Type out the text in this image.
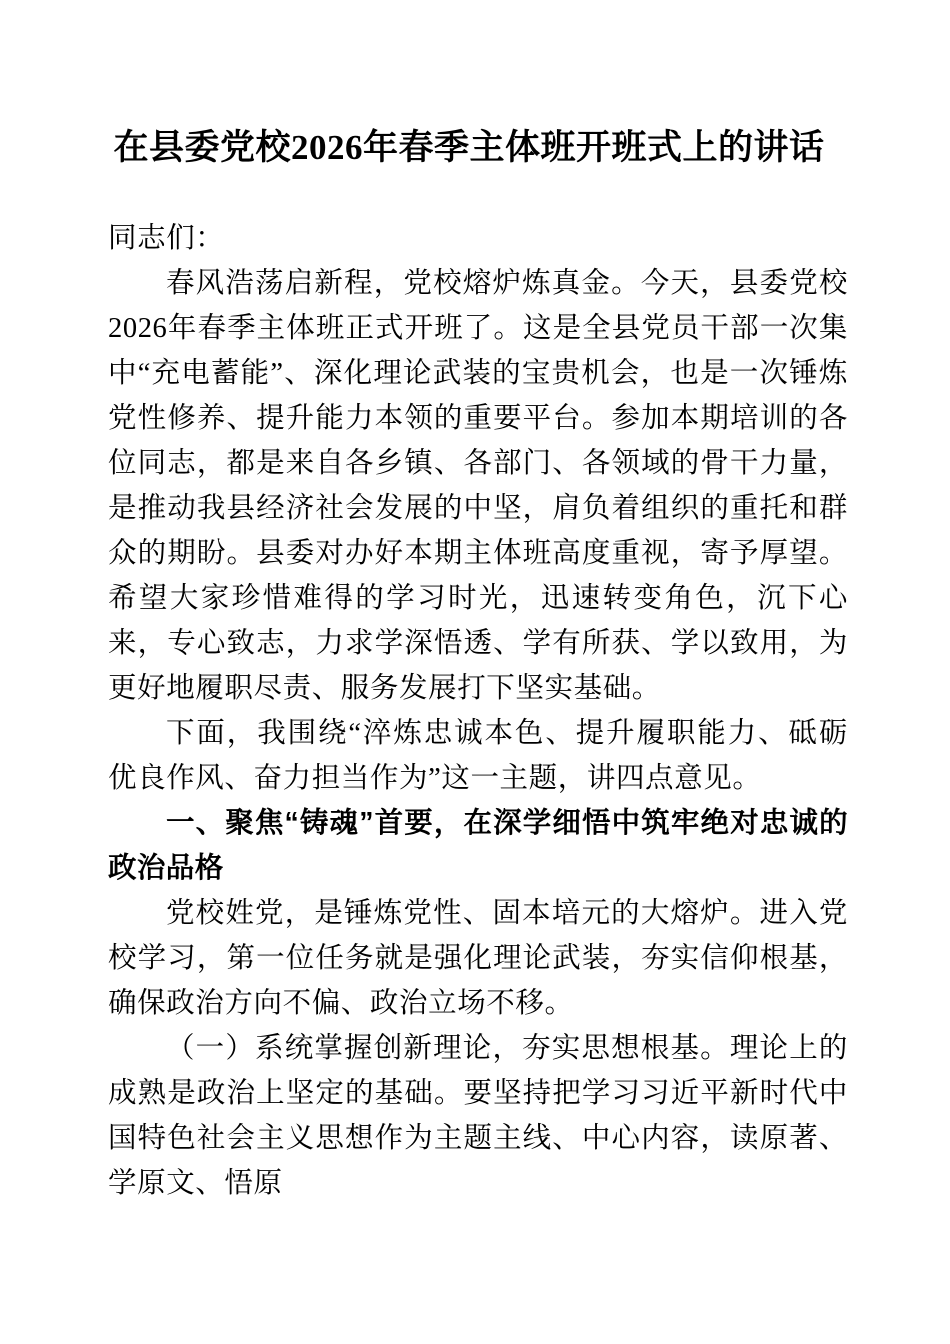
在县委党校2026年春季主体班开班式上的讲话

同志们：

春风浩荡启新程，党校熔炉炼真金。今天，县委党校2026年春季主体班正式开班了。这是全县党员干部一次集中“充电蓄能”、深化理论武装的宝贵机会，也是一次锤炼党性修养、提升能力本领的重要平台。参加本期培训的各位同志，都是来自各乡镇、各部门、各领域的骨干力量，是推动我县经济社会发展的中坚，肩负着组织的重托和群众的期盼。县委对办好本期主体班高度重视，寄予厚望。希望大家珍惜难得的学习时光，迅速转变角色，沉下心来，专心致志，力求学深悟透、学有所获、学以致用，为更好地履职尽责、服务发展打下坚实基础。

下面，我围绕“淬炼忠诚本色、提升履职能力、砥砺优良作风、奋力担当作为”这一主题，讲四点意见。

一、聚焦“铸魂”首要，在深学细悟中筑牢绝对忠诚的政治品格

党校姓党，是锤炼党性、固本培元的大熔炉。进入党校学习，第一位任务就是强化理论武装，夯实信仰根基，确保政治方向不偏、政治立场不移。

（一）系统掌握创新理论，夯实思想根基。理论上的成熟是政治上坚定的基础。要坚持把学习习近平新时代中国特色社会主义思想作为主题主线、中心内容，读原著、学原文、悟原
